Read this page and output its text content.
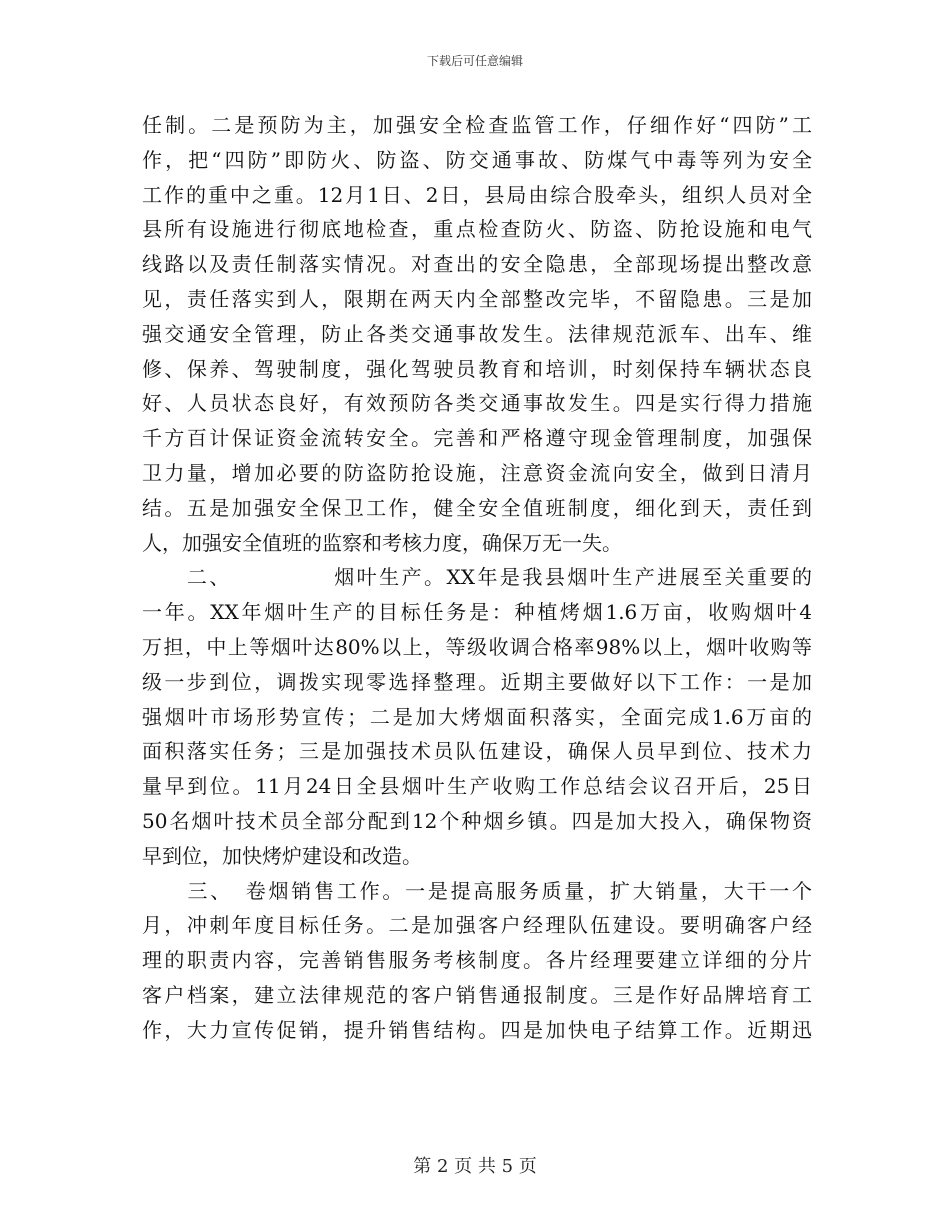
下载后可任意编辑
任制。二是预防为主，加强安全检查监管工作，仔细作好“四防”工
作，把“四防”即防火、防盗、防交通事故、防煤气中毒等列为安全
工作的重中之重。12月1日、2日，县局由综合股牵头，组织人员对全
县所有设施进行彻底地检查，重点检查防火、防盗、防抢设施和电气
线路以及责任制落实情况。对查出的安全隐患，全部现场提出整改意
见，责任落实到人，限期在两天内全部整改完毕，不留隐患。三是加
强交通安全管理，防止各类交通事故发生。法律规范派车、出车、维
修、保养、驾驶制度，强化驾驶员教育和培训，时刻保持车辆状态良
好、人员状态良好，有效预防各类交通事故发生。四是实行得力措施
千方百计保证资金流转安全。完善和严格遵守现金管理制度，加强保
卫力量，增加必要的防盗防抢设施，注意资金流向安全，做到日清月
结。五是加强安全保卫工作，健全安全值班制度，细化到天，责任到
人，加强安全值班的监察和考核力度，确保万无一失。
　　二、　　　　　烟叶生产。XX年是我县烟叶生产进展至关重要的
一年。XX年烟叶生产的目标任务是：种植烤烟1.6万亩，收购烟叶4
万担，中上等烟叶达80%以上，等级收调合格率98%以上，烟叶收购等
级一步到位，调拨实现零选择整理。近期主要做好以下工作：一是加
强烟叶市场形势宣传；二是加大烤烟面积落实，全面完成1.6万亩的
面积落实任务；三是加强技术员队伍建设，确保人员早到位、技术力
量早到位。11月24日全县烟叶生产收购工作总结会议召开后，25日
50名烟叶技术员全部分配到12个种烟乡镇。四是加大投入，确保物资
早到位，加快烤炉建设和改造。
　　三、　卷烟销售工作。一是提高服务质量，扩大销量，大干一个
月，冲刺年度目标任务。二是加强客户经理队伍建设。要明确客户经
理的职责内容，完善销售服务考核制度。各片经理要建立详细的分片
客户档案，建立法律规范的客户销售通报制度。三是作好品牌培育工
作，大力宣传促销，提升销售结构。四是加快电子结算工作。近期迅
第 2 页 共 5 页
